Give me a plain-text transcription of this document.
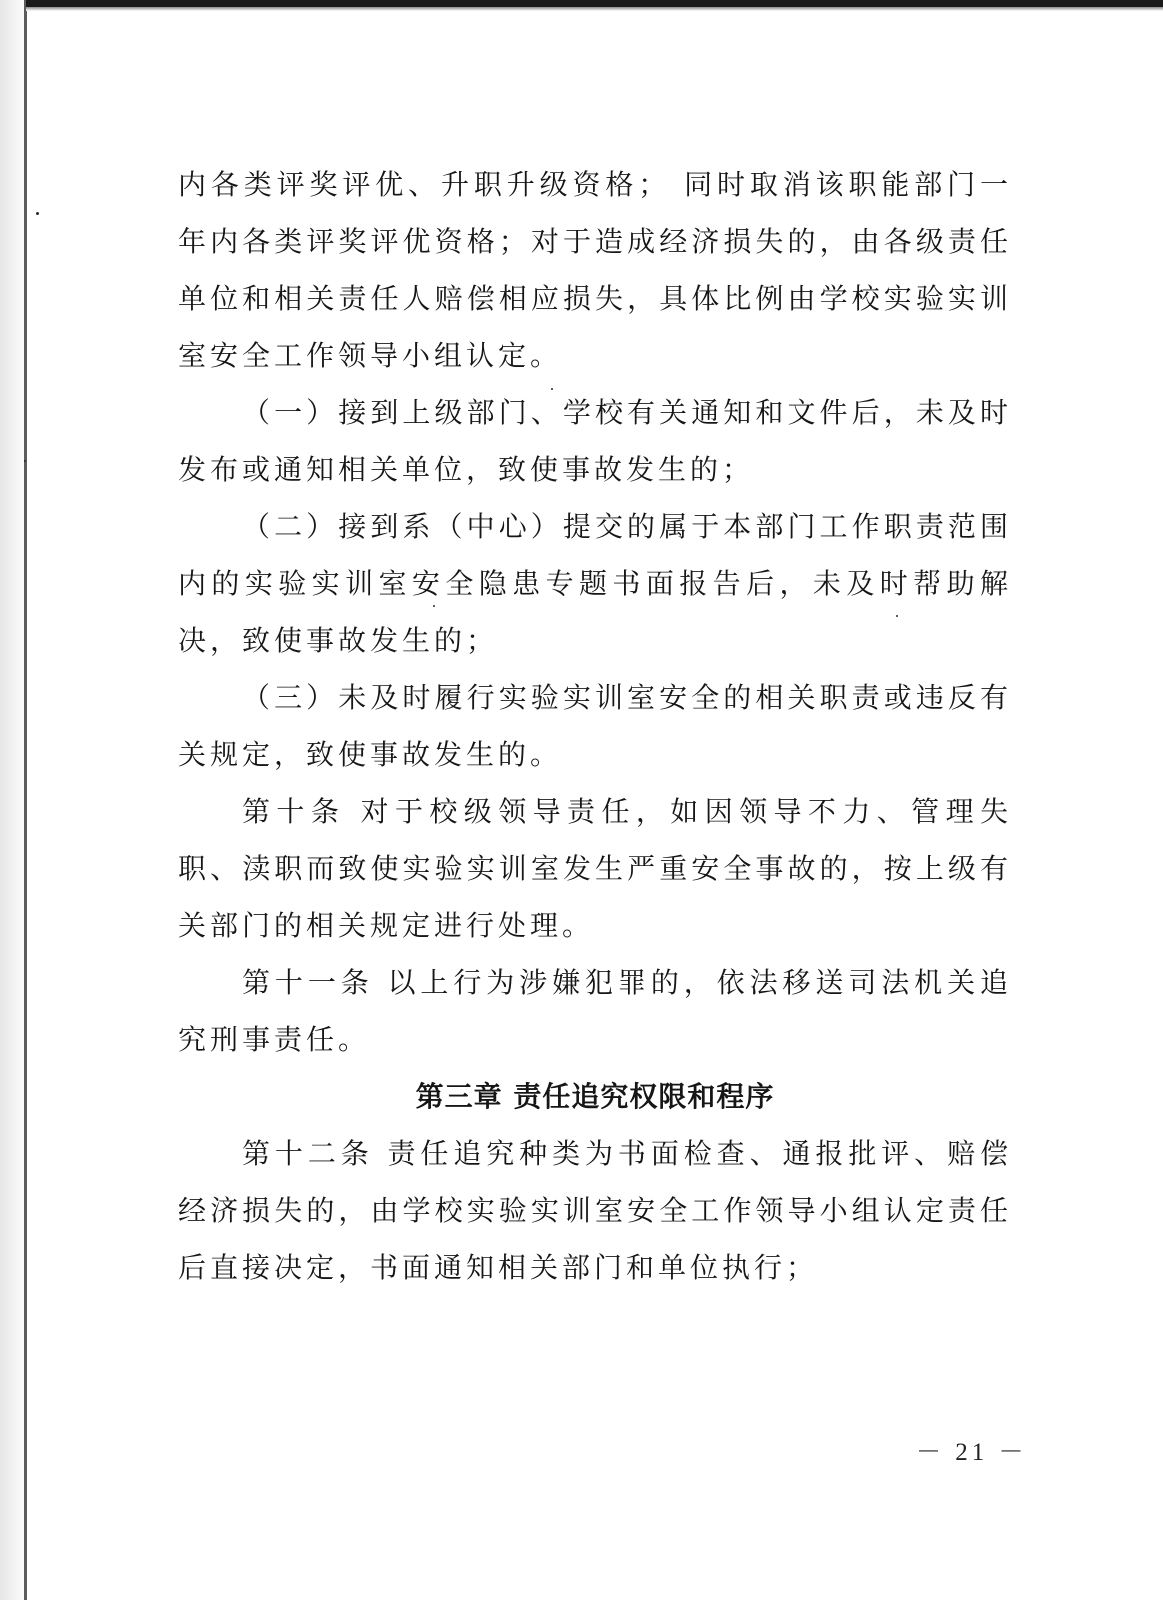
内各类评奖评优、升职升级资格； 同时取消该职能部门一年内各类评奖评优资格；对于造成经济损失的，由各级责任单位和相关责任人赔偿相应损失，具体比例由学校实验实训室安全工作领导小组认定。

（一）接到上级部门、学校有关通知和文件后，未及时发布或通知相关单位，致使事故发生的；

（二）接到系（中心）提交的属于本部门工作职责范围内的实验实训室安全隐患专题书面报告后，未及时帮助解决，致使事故发生的；

（三）未及时履行实验实训室安全的相关职责或违反有关规定，致使事故发生的。

第十条 对于校级领导责任，如因领导不力、管理失职、渎职而致使实验实训室发生严重安全事故的，按上级有关部门的相关规定进行处理。

第十一条 以上行为涉嫌犯罪的，依法移送司法机关追究刑事责任。

第三章 责任追究权限和程序

第十二条 责任追究种类为书面检查、通报批评、赔偿经济损失的，由学校实验实训室安全工作领导小组认定责任后直接决定，书面通知相关部门和单位执行；

－ 21 －
